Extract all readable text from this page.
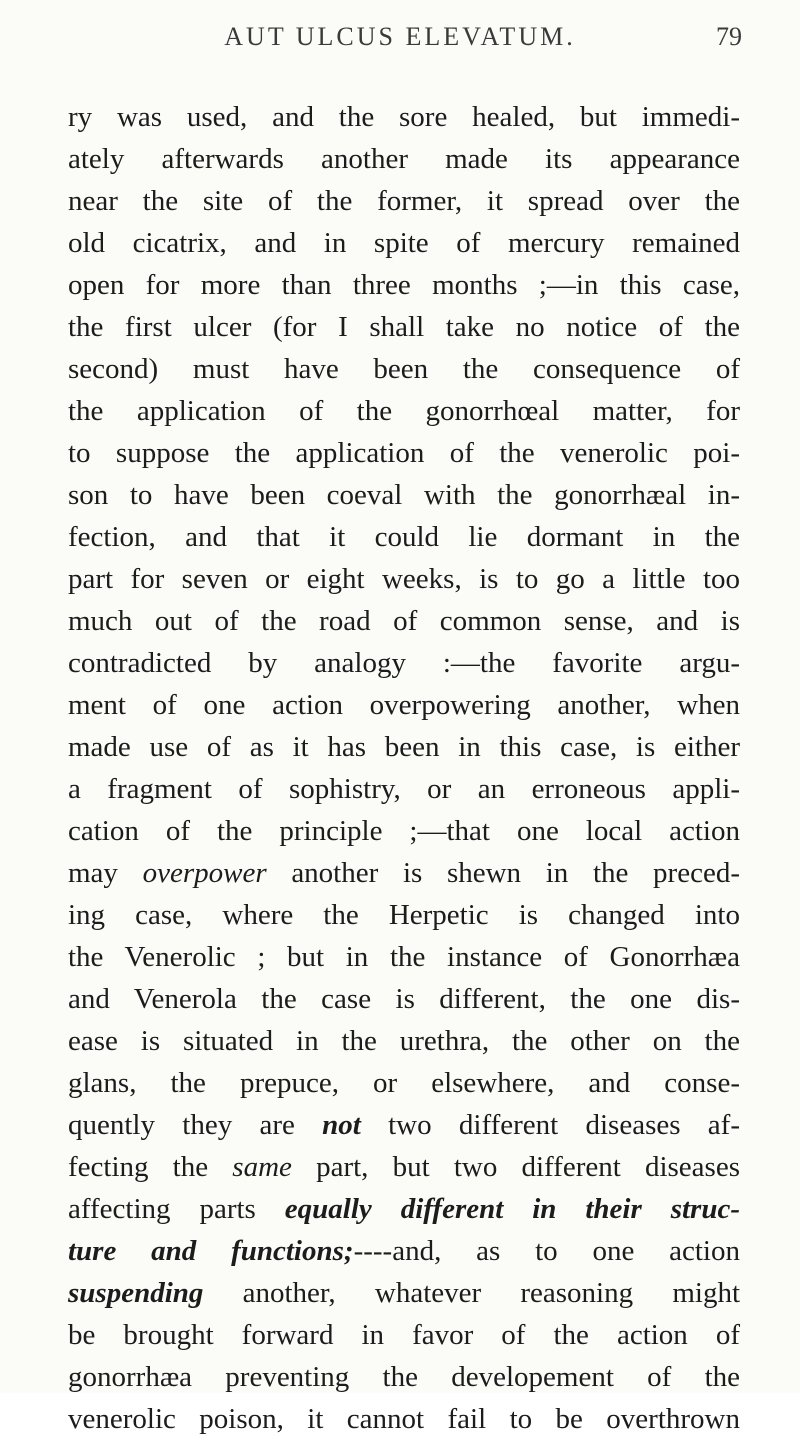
AUT ULCUS ELEVATUM.	79
ry was used, and the sore healed, but immedi-
ately afterwards another made its appearance
near the site of the former, it spread over the
old cicatrix, and in spite of mercury remained
open for more than three months ;—in this case,
the first ulcer (for I shall take no notice of the
second) must have been the consequence of
the application of the gonorrhœal matter, for
to suppose the application of the venerolic poi-
son to have been coeval with the gonorrhæal in-
fection, and that it could lie dormant in the
part for seven or eight weeks, is to go a little too
much out of the road of common sense, and is
contradicted by analogy :—the favorite argu-
ment of one action overpowering another, when
made use of as it has been in this case, is either
a fragment of sophistry, or an erroneous appli-
cation of the principle ;—that one local action
may overpower another is shewn in the preced-
ing case, where the Herpetic is changed into
the Venerolic ; but in the instance of Gonorrhæa
and Venerola the case is different, the one dis-
ease is situated in the urethra, the other on the
glans, the prepuce, or elsewhere, and conse-
quently they are not two different diseases af-
fecting the same part, but two different diseases
affecting parts equally different in their struc-
ture and functions;----and, as to one action
suspending another, whatever reasoning might
be brought forward in favor of the action of
gonorrhæa preventing the developement of the
venerolic poison, it cannot fail to be overthrown
